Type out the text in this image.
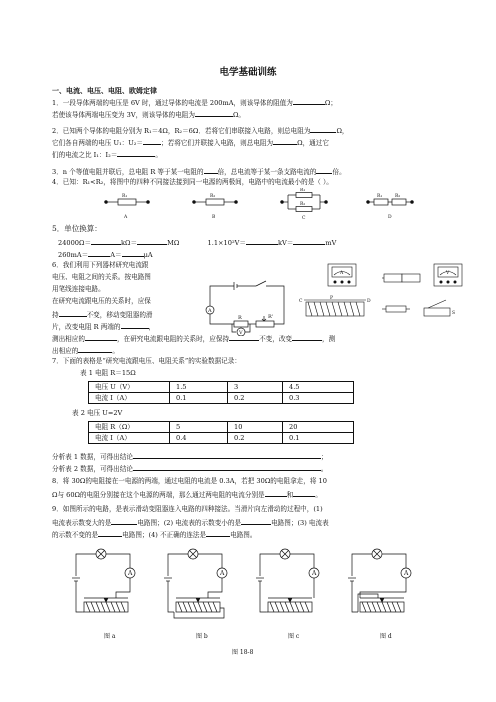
电学基础训练
一、电流、电压、电阻、欧姆定律
1．一段导体两端的电压是 6V 时，通过导体的电流是 200mA，则该导体的阻值为	Ω；
若使该导体两端电压变为 3V，则该导体的电阻为	Ω。
2．已知两个导体的电阻分别为 R₁＝4Ω，R₂＝6Ω．若将它们串联接入电路，则总电阻为	Ω，
它们各自两端的电压 U₁：U₂＝	；若将它们并联接入电路，则总电阻为	Ω，通过它
们的电流之比 I₁：I₂＝	。
3．n 个等值电阻并联后，总电阻 R 等于某一电阻的 倍，总电流等于某一条支路电流的 倍。
4．已知：R₁<R₂，将图中的四种不同接法接到同一电源的两极间，电路中的电流最小的是（ ）。
R₁
A
R₂
B
R₁
R₂
C
R₁	R₂
D
5．单位换算：
24000Ω＝	kΩ＝	MΩ	1.1×10²V＝	kV＝	mV
260mA＝	A＝	μA
6．我们利用下列器材研究电流跟
电压、电阻之间的关系。按电路图
用笔线连接电路。
在研究电流跟电压的关系时，应保
持	不变，移动变阻器的滑
片，改变电阻 R 两端的	，
测出相应的	，在研究电流跟电阻的关系时，应保持	不变，改变	，测
出相应的	。
A
R	R'
V
A	V
C	D
P
S
7．下面的表格是“研究电流跟电压、电阻关系”的实验数据记录：
表 1 电阻 R＝15Ω
电压 U（V）	1.5	3	4.5
电流 I（A）	0.1	0.2	0.3
表 2 电压 U=2V
电阻 R（Ω）	5	10	20
电流 I（A）	0.4	0.2	0.1
分析表 1 数据，可得出结论	；
分析表 2 数据，可得出结论	。
8．将 30Ω的电阻接在一电源的两端，通过电阻的电流是 0.3A，若把 30Ω的电阻拿走，将 10
Ω与 60Ω的电阻分别接在这个电源的两端，那么通过两电阻的电流分别是	和	。
9．如图所示的电路，是表示滑动变阻器连入电路的四种接法。当滑片向左滑动的过程中，(1)
电流表示数变大的是	电路图；(2) 电流表的示数变小的是	电路图；(3) 电流表
的示数不变的是	电路图；(4) 不正确的连法是	电路图。
A	A	A	A
图 a	图 b	图 c	图 d
图 18-8
